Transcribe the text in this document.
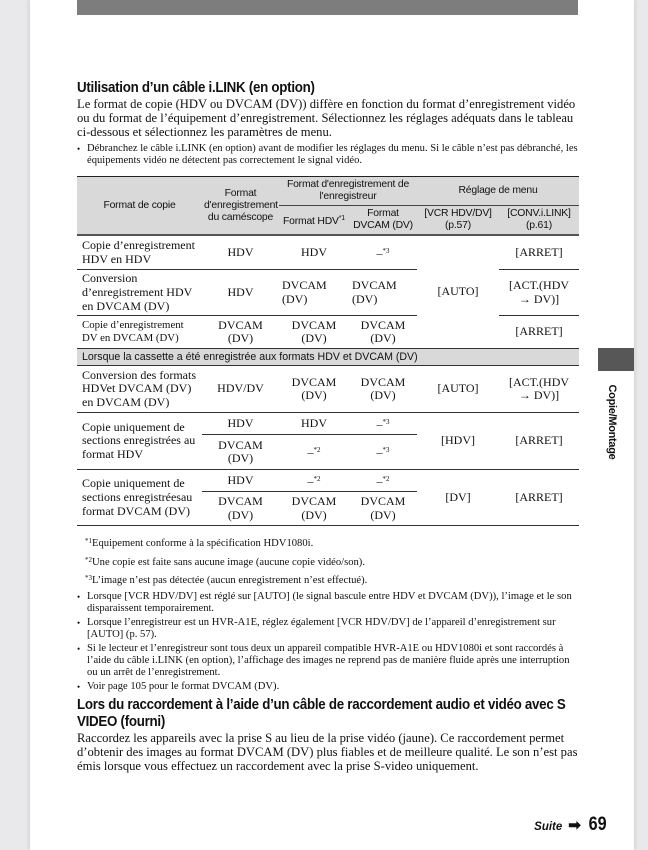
Utilisation d’un câble i.LINK (en option)

Le format de copie (HDV ou DVCAM (DV)) diffère en fonction du format d’enregistrement vidéo ou du format de l’équipement d’enregistrement. Sélectionnez les réglages adéquats dans le tableau ci-dessous et sélectionnez les paramètres de menu.

• Débranchez le câble i.LINK (en option) avant de modifier les réglages du menu. Si le câble n’est pas débranché, les équipements vidéo ne détectent pas correctement le signal vidéo.
Format de copie	Format d'enregistrement du caméscope	Format d'enregistrement de l'enregistreur		Réglage de menu	
		Format HDV$^{*1}$	Format DVCAM (DV)	[VCR HDV/DV] (p.57)	[CONV.i.LINK] (p.61)
Copie d’enregistrement HDV en HDV	HDV	HDV	–$^{*3}$	[AUTO]	[ARRET]
Conversion d’enregistrement HDV en DVCAM (DV)	HDV	DVCAM (DV)	DVCAM (DV)		[ACT.(HDV → DV)]
Copie d’enregistrement DV en DVCAM (DV)	DVCAM (DV)	DVCAM (DV)	DVCAM (DV)		[ARRET]
Lorsque la cassette a été enregistrée aux formats HDV et DVCAM (DV)					
Conversion des formats HDVet DVCAM (DV) en DVCAM (DV)	HDV/DV	DVCAM (DV)	DVCAM (DV)	[AUTO]	[ACT.(HDV → DV)]
Copie uniquement de sections enregistrées au format HDV	HDV	HDV	–$^{*3}$	[HDV]	[ARRET]
	DVCAM (DV)	–$^{*2}$	–$^{*3}$
Copie uniquement de sections enregistréesau format DVCAM (DV)	HDV	–$^{*2}$	–$^{*2}$	[DV]	[ARRET]
	DVCAM (DV)	DVCAM (DV)	DVCAM (DV)		
$^{*1}$Equipement conforme à la spécification HDV1080i.
$^{*2}$Une copie est faite sans aucune image (aucune copie vidéo/son).
$^{*3}$L’image n’est pas détectée (aucun enregistrement n’est effectué).
• Lorsque [VCR HDV/DV] est réglé sur [AUTO] (le signal bascule entre HDV et DVCAM (DV)), l’image et le son disparaissent temporairement.
• Lorsque l’enregistreur est un HVR-A1E, réglez également [VCR HDV/DV] de l’appareil d’enregistrement sur [AUTO] (p. 57).
• Si le lecteur et l’enregistreur sont tous deux un appareil compatible HVR-A1E ou HDV1080i et sont raccordés à l’aide du câble i.LINK (en option), l’affichage des images ne reprend pas de manière fluide après une interruption ou un arrêt de l’enregistrement.
• Voir page 105 pour le format DVCAM (DV).
Lors du raccordement à l’aide d’un câble de raccordement audio et vidéo avec S VIDEO (fourni)

Raccordez les appareils avec la prise S au lieu de la prise vidéo (jaune). Ce raccordement permet d’obtenir des images au format DVCAM (DV) plus fiables et de meilleure qualité. Le son n’est pas émis lorsque vous effectuez un raccordement avec la prise S-video uniquement.

Copie/Montage
Suite ➡ 69
